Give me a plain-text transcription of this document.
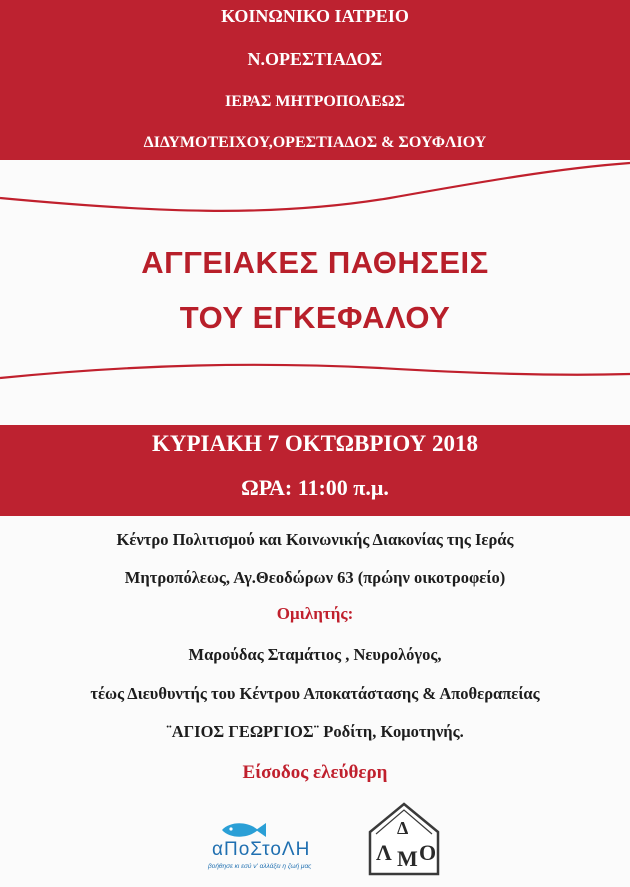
ΚΟΙΝΩΝΙΚΟ ΙΑΤΡΕΙΟ
Ν.ΟΡΕΣΤΙΑΔΟΣ
ΙΕΡΑΣ ΜΗΤΡΟΠΟΛΕΩΣ
ΔΙΔΥΜΟΤΕΙΧΟΥ,ΟΡΕΣΤΙΑΔΟΣ & ΣΟΥΦΛΙΟΥ
ΑΓΓΕΙΑΚΕΣ ΠΑΘΗΣΕΙΣ
ΤΟΥ ΕΓΚΕΦΑΛΟΥ
ΚΥΡΙΑΚΗ 7 ΟΚΤΩΒΡΙΟΥ 2018
ΩΡΑ: 11:00 π.μ.
Κέντρο Πολιτισμού και Κοινωνικής Διακονίας της Ιεράς
Μητροπόλεως, Αγ.Θεοδώρων 63 (πρώην οικοτροφείο)
Ομιλητής:
Μαρούδας Σταμάτιος , Νευρολόγος,
τέως Διευθυντής του Κέντρου Αποκατάστασης & Αποθεραπείας
¨ΑΓΙΟΣ ΓΕΩΡΓΙΟΣ¨ Ροδίτη, Κομοτηνής.
Είσοδος ελεύθερη
αΠοΣτοΛΗ
βοήθησε κι εσύ ν' αλλάξει η ζωή μας
Λ
Δ
Μ Ο
